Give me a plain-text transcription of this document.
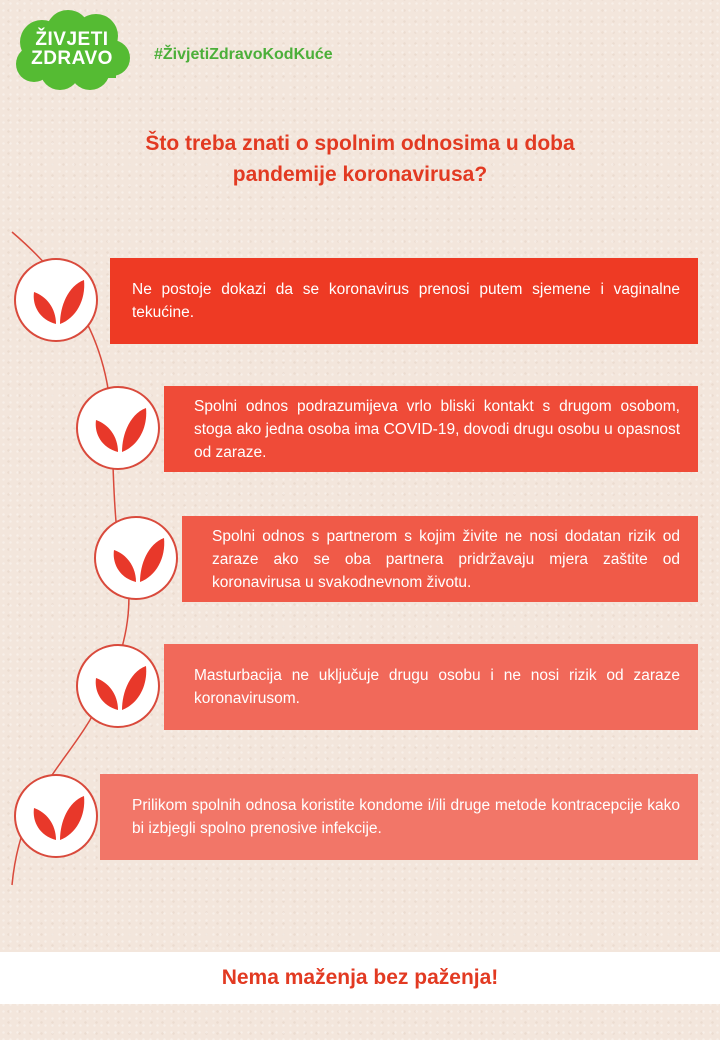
ŽIVJETI
ZDRAVO	#ŽivjetiZdravoKodKuće
Što treba znati o spolnim odnosima u doba
pandemije koronavirusa?
Ne postoje dokazi da se koronavirus prenosi putem sjemene i vaginalne tekućine.
Spolni odnos podrazumijeva vrlo bliski kontakt s drugom osobom, stoga ako jedna osoba ima COVID-19, dovodi drugu osobu u opasnost od zaraze.
Spolni odnos s partnerom s kojim živite ne nosi dodatan rizik od zaraze ako se oba partnera pridržavaju mjera zaštite od koronavirusa u svakodnevnom životu.
Masturbacija ne uključuje drugu osobu i ne nosi rizik od zaraze koronavirusom.
Prilikom spolnih odnosa koristite kondome i/ili druge metode kontracepcije kako bi izbjegli spolno prenosive infekcije.
Nema maženja bez paženja!
